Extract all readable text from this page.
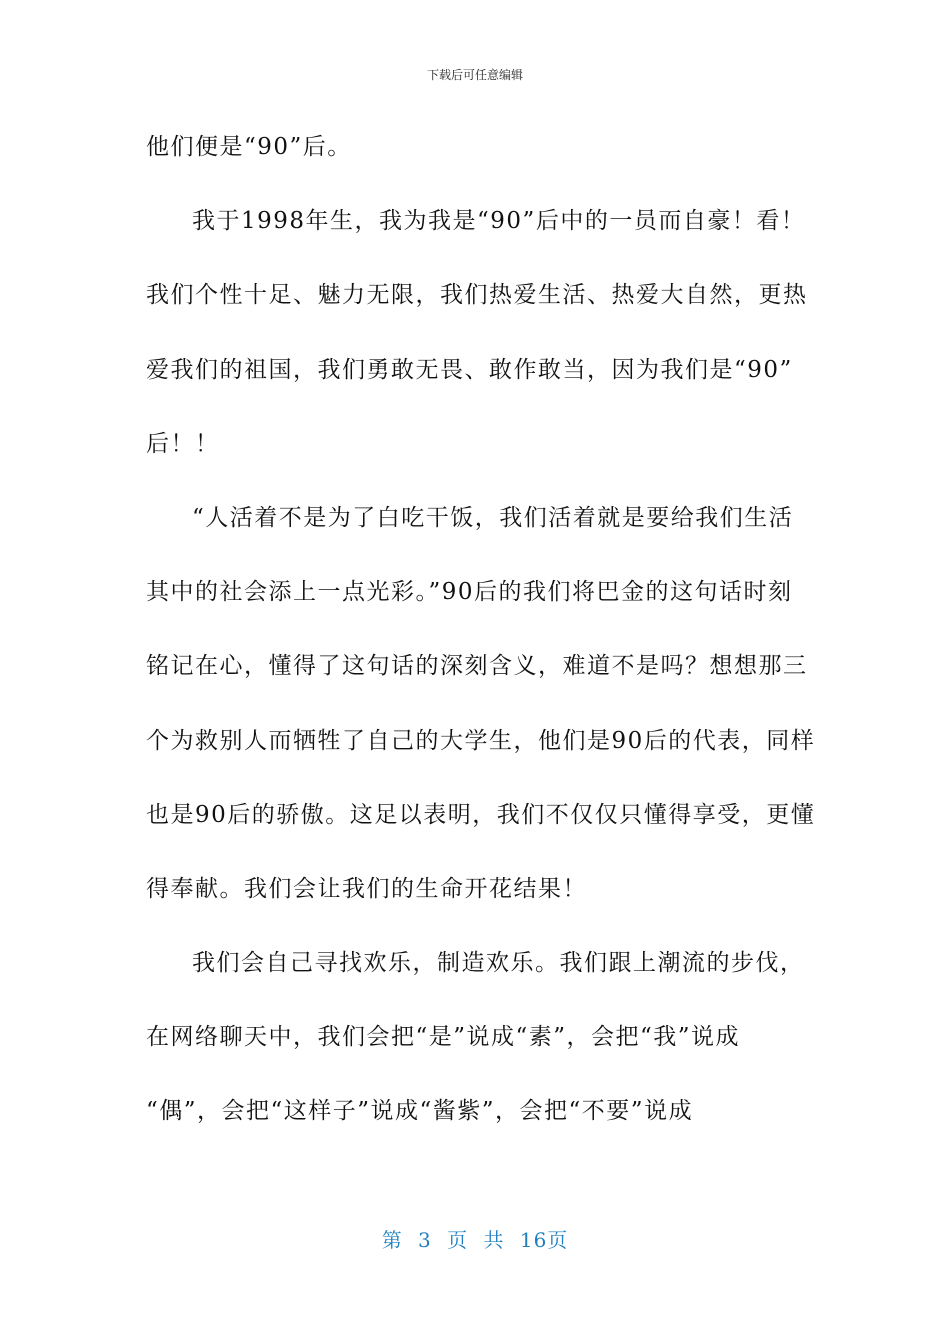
下载后可任意编辑
他们便是“90”后。
我于1998年生，我为我是“90”后中的一员而自豪！看！
我们个性十足、魅力无限，我们热爱生活、热爱大自然，更热
爱我们的祖国，我们勇敢无畏、敢作敢当，因为我们是“90”
后！！
“人活着不是为了白吃干饭，我们活着就是要给我们生活
其中的社会添上一点光彩。”90后的我们将巴金的这句话时刻
铭记在心，懂得了这句话的深刻含义，难道不是吗？想想那三
个为救别人而牺牲了自己的大学生，他们是90后的代表，同样
也是90后的骄傲。这足以表明，我们不仅仅只懂得享受，更懂
得奉献。我们会让我们的生命开花结果！
我们会自己寻找欢乐，制造欢乐。我们跟上潮流的步伐，
在网络聊天中，我们会把“是”说成“素”，会把“我”说成
“偶”，会把“这样子”说成“酱紫”，会把“不要”说成
第 3 页 共 16页
